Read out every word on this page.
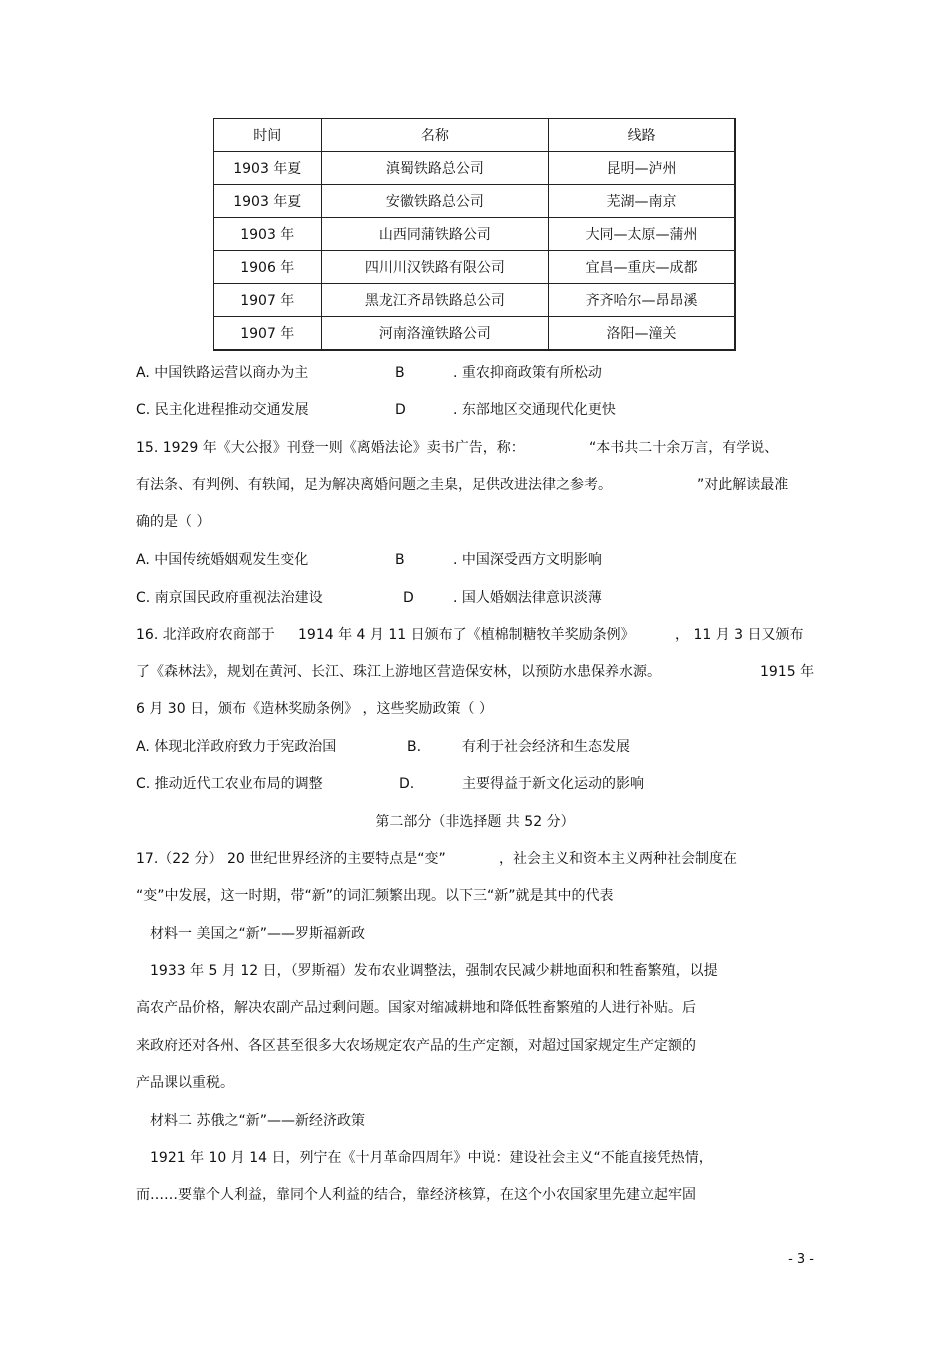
时间	名称	线路
1903 年夏	滇蜀铁路总公司	昆明—泸州
1903 年夏	安徽铁路总公司	芜湖—南京
1903 年	山西同蒲铁路公司	大同—太原—蒲州
1906 年	四川川汉铁路有限公司	宜昌—重庆—成都
1907 年	黑龙江齐昂铁路总公司	齐齐哈尔—昂昂溪
1907 年	河南洛潼铁路公司	洛阳—潼关
A. 中国铁路运营以商办为主	B	. 重农抑商政策有所松动
C. 民主化进程推动交通发展	D	. 东部地区交通现代化更快
15. 1929 年《大公报》刊登一则《离婚法论》卖书广告，称：	“本书共二十余万言，有学说、
有法条、有判例、有轶闻，足为解决离婚问题之圭臬，足供改进法律之参考。	”对此解读最准
确的是（ ）
A. 中国传统婚姻观发生变化	B	. 中国深受西方文明影响
C. 南京国民政府重视法治建设	D	. 国人婚姻法律意识淡薄
16. 北洋政府农商部于 1914 年 4 月 11 日颁布了《植棉制糖牧羊奖励条例》	， 11 月 3 日又颁布
了《森林法》，规划在黄河、长江、珠江上游地区营造保安林，以预防水患保养水源。	1915 年
6 月 30 日，颁布《造林奖励条例》 ，这些奖励政策（ ）
A. 体现北洋政府致力于宪政治国	B.	有利于社会经济和生态发展
C. 推动近代工农业布局的调整	D.	主要得益于新文化运动的影响
第二部分（非选择题 共 52 分）
17.（22 分） 20 世纪世界经济的主要特点是“变”	，社会主义和资本主义两种社会制度在
“变”中发展，这一时期，带“新”的词汇频繁出现。以下三“新”就是其中的代表
材料一 美国之“新”——罗斯福新政
1933 年 5 月 12 日，（罗斯福）发布农业调整法，强制农民减少耕地面积和牲畜繁殖，以提
高农产品价格，解决农副产品过剩问题。国家对缩减耕地和降低牲畜繁殖的人进行补贴。后
来政府还对各州、各区甚至很多大农场规定农产品的生产定额，对超过国家规定生产定额的
产品课以重税。
材料二 苏俄之“新”——新经济政策
1921 年 10 月 14 日，列宁在《十月革命四周年》中说：建设社会主义“不能直接凭热情，
而……要靠个人利益，靠同个人利益的结合，靠经济核算，在这个小农国家里先建立起牢固
- 3 -
